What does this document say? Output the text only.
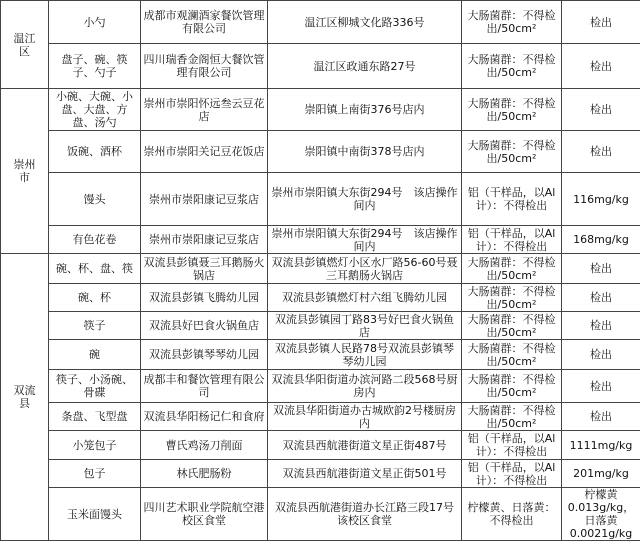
温江区	小勺	成都市观澜酒家餐饮管理有限公司	温江区柳城文化路336号	大肠菌群：不得检出/50cm²	检出
	盘子、碗、筷子、勺子	四川瑞香金阁恒大餐饮管理有限公司	温江区政通东路27号	大肠菌群：不得检出/50cm²	检出
崇州市	小碗、大碗、小盘、大盘、方盘、汤勺	崇州市崇阳怀远叁云豆花店	崇阳镇上南街376号店内	大肠菌群：不得检出/50cm²	检出
	饭碗、酒杯	崇州市崇阳关记豆花饭店	崇阳镇中南街378号店内	大肠菌群：不得检出/50cm²	检出
	馒头	崇州市崇阳康记豆浆店	崇州市崇阳镇大东街294号　该店操作间内	铝（干样品，以Al计）：不得检出	116mg/kg
	有色花卷	崇州市崇阳康记豆浆店	崇州市崇阳镇大东街294号　该店操作间内	铝（干样品，以Al计）：不得检出	168mg/kg
双流县	碗、杯、盘、筷	双流县彭镇聂三耳鹅肠火锅店	双流县彭镇燃灯小区水厂路56-60号聂三耳鹅肠火锅店	大肠菌群：不得检出/50cm²	检出
	碗、杯	双流县彭镇飞腾幼儿园	双流县彭镇燃灯村六组飞腾幼儿园	大肠菌群：不得检出/50cm²	检出
	筷子	双流县好巴食火锅鱼店	双流县彭镇园丁路83号好巴食火锅鱼店	大肠菌群：不得检出/50cm²	检出
	碗	双流县彭镇琴琴幼儿园	双流县彭镇人民路78号双流县彭镇琴琴幼儿园	大肠菌群：不得检出/50cm²	检出
	筷子、小汤碗、骨碟	成都丰和餐饮管理有限公司	双流县华阳街道办滨河路二段568号厨房内	大肠菌群：不得检出/50cm²	检出
	条盘、飞型盘	双流县华阳杨记仁和食府	双流县华阳街道办古城欧韵2号楼厨房内	大肠菌群：不得检出/50cm²	检出
	小笼包子	曹氏鸡汤刀削面	双流县西航港街道文星正街487号	铝（干样品，以Al计）：不得检出	1111mg/kg
	包子	林氏肥肠粉	双流县西航港街道文星正街501号	铝（干样品，以Al计）：不得检出	201mg/kg
	玉米面馒头	四川艺术职业学院航空港校区食堂	双流县西航港街道办长江路三段17号该校区食堂	柠檬黄、日落黄：不得检出	柠檬黄0.013g/kg，日落黄0.0021g/kg
